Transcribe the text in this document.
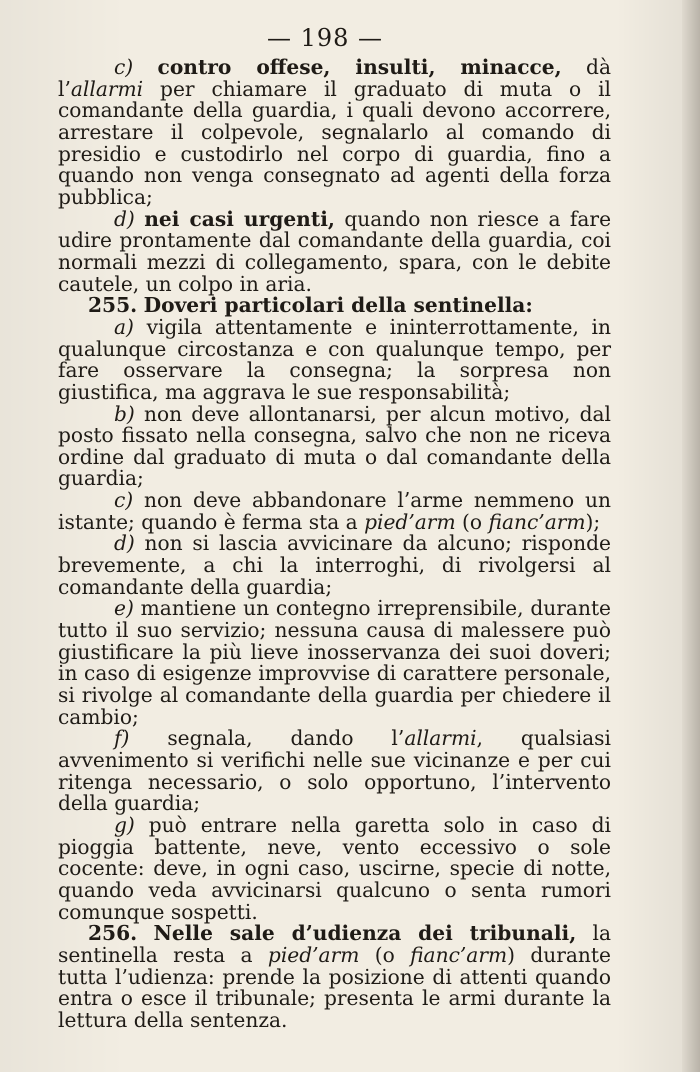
— 198 —

c) contro offese, insulti, minacce, dà l’allarmi per chiamare il graduato di muta o il comandante della guardia, i quali devono accorrere, arrestare il colpevole, segnalarlo al comando di presidio e custodirlo nel corpo di guardia, fino a quando non venga consegnato ad agenti della forza pubblica;

d) nei casi urgenti, quando non riesce a fare udire prontamente dal comandante della guardia, coi normali mezzi di collegamento, spara, con le debite cautele, un colpo in aria.

255. Doveri particolari della sentinella:

a) vigila attentamente e ininterrottamente, in qualunque circostanza e con qualunque tempo, per fare osservare la consegna; la sorpresa non giustifica, ma aggrava le sue responsabilità;

b) non deve allontanarsi, per alcun motivo, dal posto fissato nella consegna, salvo che non ne riceva ordine dal graduato di muta o dal comandante della guardia;

c) non deve abbandonare l’arme nemmeno un istante; quando è ferma sta a pied’arm (o fianc’arm);

d) non si lascia avvicinare da alcuno; risponde brevemente, a chi la interroghi, di rivolgersi al comandante della guardia;

e) mantiene un contegno irreprensibile, durante tutto il suo servizio; nessuna causa di malessere può giustificare la più lieve inosservanza dei suoi doveri; in caso di esigenze improvvise di carattere personale, si rivolge al comandante della guardia per chiedere il cambio;

f) segnala, dando l’allarmi, qualsiasi avvenimento si verifichi nelle sue vicinanze e per cui ritenga necessario, o solo opportuno, l’intervento della guardia;

g) può entrare nella garetta solo in caso di pioggia battente, neve, vento eccessivo o sole cocente: deve, in ogni caso, uscirne, specie di notte, quando veda avvicinarsi qualcuno o senta rumori comunque sospetti.

256. Nelle sale d’udienza dei tribunali, la sentinella resta a pied’arm (o fianc’arm) durante tutta l’udienza: prende la posizione di attenti quando entra o esce il tribunale; presenta le armi durante la lettura della sentenza.
